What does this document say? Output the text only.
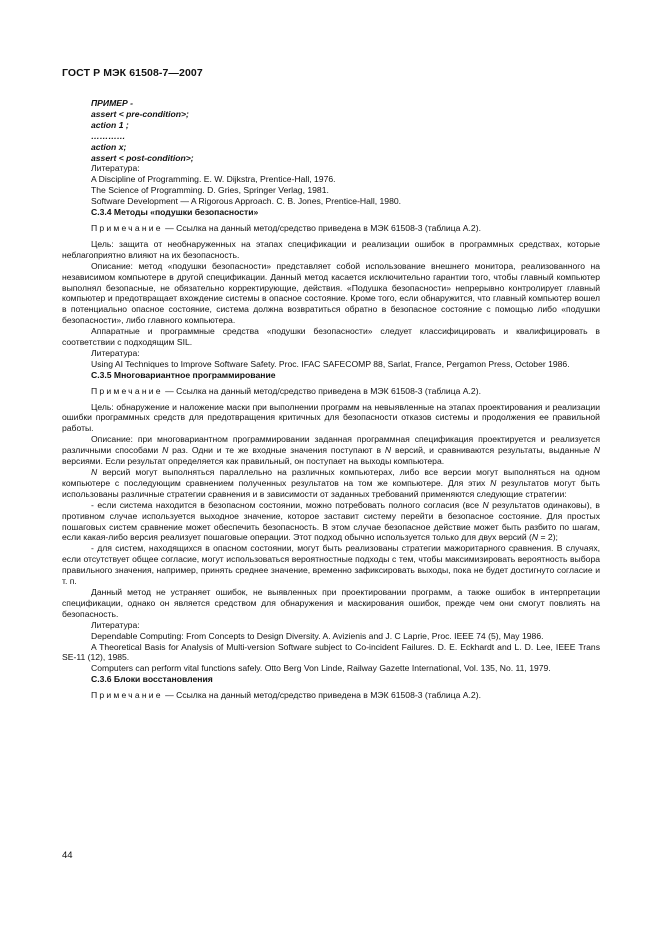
ГОСТ Р МЭК 61508-7—2007

ПРИМЕР -

assert < pre-condition>;

action 1 ;

…………

action x;

assert < post-condition>;

Литература:

A Discipline of Programming. E. W. Dijkstra, Prentice-Hall, 1976.

The Science of Programming. D. Gries, Springer Verlag, 1981.

Software Development — A Rigorous Approach. C. B. Jones, Prentice-Hall, 1980.

C.3.4 Методы «подушки безопасности»

Примечание — Ссылка на данный метод/средство приведена в МЭК 61508-3 (таблица А.2).

Цель: защита от необнаруженных на этапах спецификации и реализации ошибок в программных средствах, которые неблагоприятно влияют на их безопасность.

Описание: метод «подушки безопасности» представляет собой использование внешнего монитора, реализованного на независимом компьютере в другой спецификации. Данный метод касается исключительно гарантии того, чтобы главный компьютер выполнял безопасные, не обязательно корректирующие, действия. «Подушка безопасности» непрерывно контролирует главный компьютер и предотвращает вхождение системы в опасное состояние. Кроме того, если обнаружится, что главный компьютер вошел в потенциально опасное состояние, система должна возвратиться обратно в безопасное состояние с помощью либо «подушки безопасности», либо главного компьютера.

Аппаратные и программные средства «подушки безопасности» следует классифицировать и квалифицировать в соответствии с подходящим SIL.

Литература:

Using AI Techniques to Improve Software Safety. Proc. IFAC SAFECOMP 88, Sarlat, France, Pergamon Press, October 1986.

C.3.5 Многовариантное программирование

Примечание — Ссылка на данный метод/средство приведена в МЭК 61508-3 (таблица А.2).

Цель: обнаружение и наложение маски при выполнении программ на невыявленные на этапах проектирования и реализации ошибки программных средств для предотвращения критичных для безопасности отказов системы и продолжения ее правильной работы.

Описание: при многовариантном программировании заданная программная спецификация проектируется и реализуется различными способами N раз. Одни и те же входные значения поступают в N версий, и сравниваются результаты, выданные N версиями. Если результат определяется как правильный, он поступает на выходы компьютера.

N версий могут выполняться параллельно на различных компьютерах, либо все версии могут выполняться на одном компьютере с последующим сравнением полученных результатов на том же компьютере. Для этих N результатов могут быть использованы различные стратегии сравнения и в зависимости от заданных требований применяются следующие стратегии:

- если система находится в безопасном состоянии, можно потребовать полного согласия (все N результатов одинаковы), в противном случае используется выходное значение, которое заставит систему перейти в безопасное состояние. Для простых пошаговых систем сравнение может обеспечить безопасность. В этом случае безопасное действие может быть разбито по шагам, если какая-либо версия реализует пошаговые операции. Этот подход обычно используется только для двух версий (N = 2);

- для систем, находящихся в опасном состоянии, могут быть реализованы стратегии мажоритарного сравнения. В случаях, если отсутствует общее согласие, могут использоваться вероятностные подходы с тем, чтобы максимизировать вероятность выбора правильного значения, например, принять среднее значение, временно зафиксировать выходы, пока не будет достигнуто согласие и т. п.

Данный метод не устраняет ошибок, не выявленных при проектировании программ, а также ошибок в интерпретации спецификации, однако он является средством для обнаружения и маскирования ошибок, прежде чем они смогут повлиять на безопасность.

Литература:

Dependable Computing: From Concepts to Design Diversity. A. Avizienis and J. C Laprie, Proc. IEEE 74 (5), May 1986.

A Theoretical Basis for Analysis of Multi-version Software subject to Co-incident Failures. D. E. Eckhardt and L. D. Lee, IEEE Trans SE-11 (12), 1985.

Computers can perform vital functions safely. Otto Berg Von Linde, Railway Gazette International, Vol. 135, No. 11, 1979.

C.3.6 Блоки восстановления

Примечание — Ссылка на данный метод/средство приведена в МЭК 61508-3 (таблица А.2).

44
